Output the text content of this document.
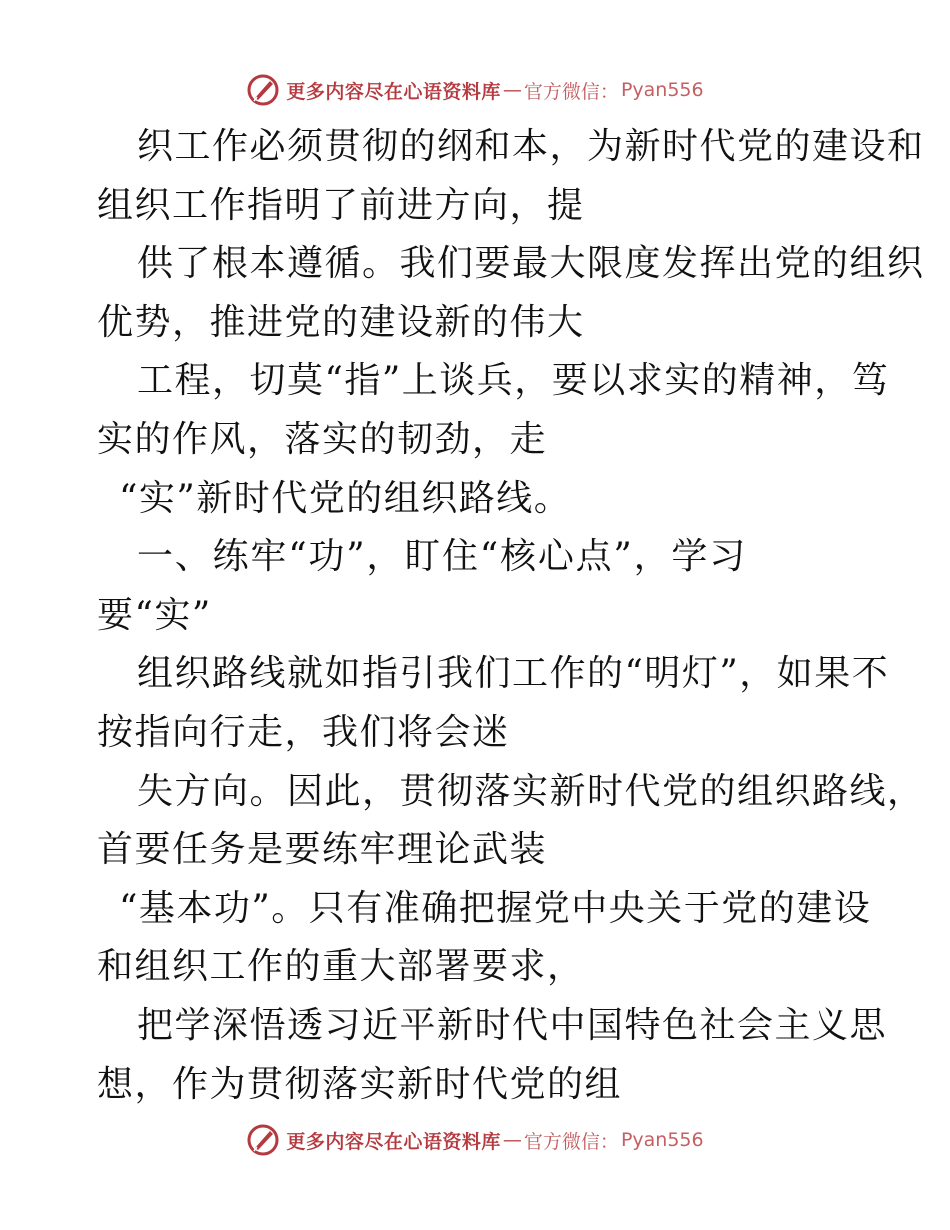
更多内容尽在心语资料库 — 官方微信： Pyan556
织工作必须贯彻的纲和本，为新时代党的建设和
组织工作指明了前进方向，提
供了根本遵循。我们要最大限度发挥出党的组织
优势，推进党的建设新的伟大
工程，切莫“指”上谈兵，要以求实的精神，笃
实的作风，落实的韧劲，走
“实”新时代党的组织路线。
一、练牢“功”，盯住“核心点”，学习
要“实”
组织路线就如指引我们工作的“明灯”，如果不
按指向行走，我们将会迷
失方向。因此，贯彻落实新时代党的组织路线，
首要任务是要练牢理论武装
“基本功”。只有准确把握党中央关于党的建设
和组织工作的重大部署要求，
把学深悟透习近平新时代中国特色社会主义思
想，作为贯彻落实新时代党的组
更多内容尽在心语资料库 — 官方微信： Pyan556
